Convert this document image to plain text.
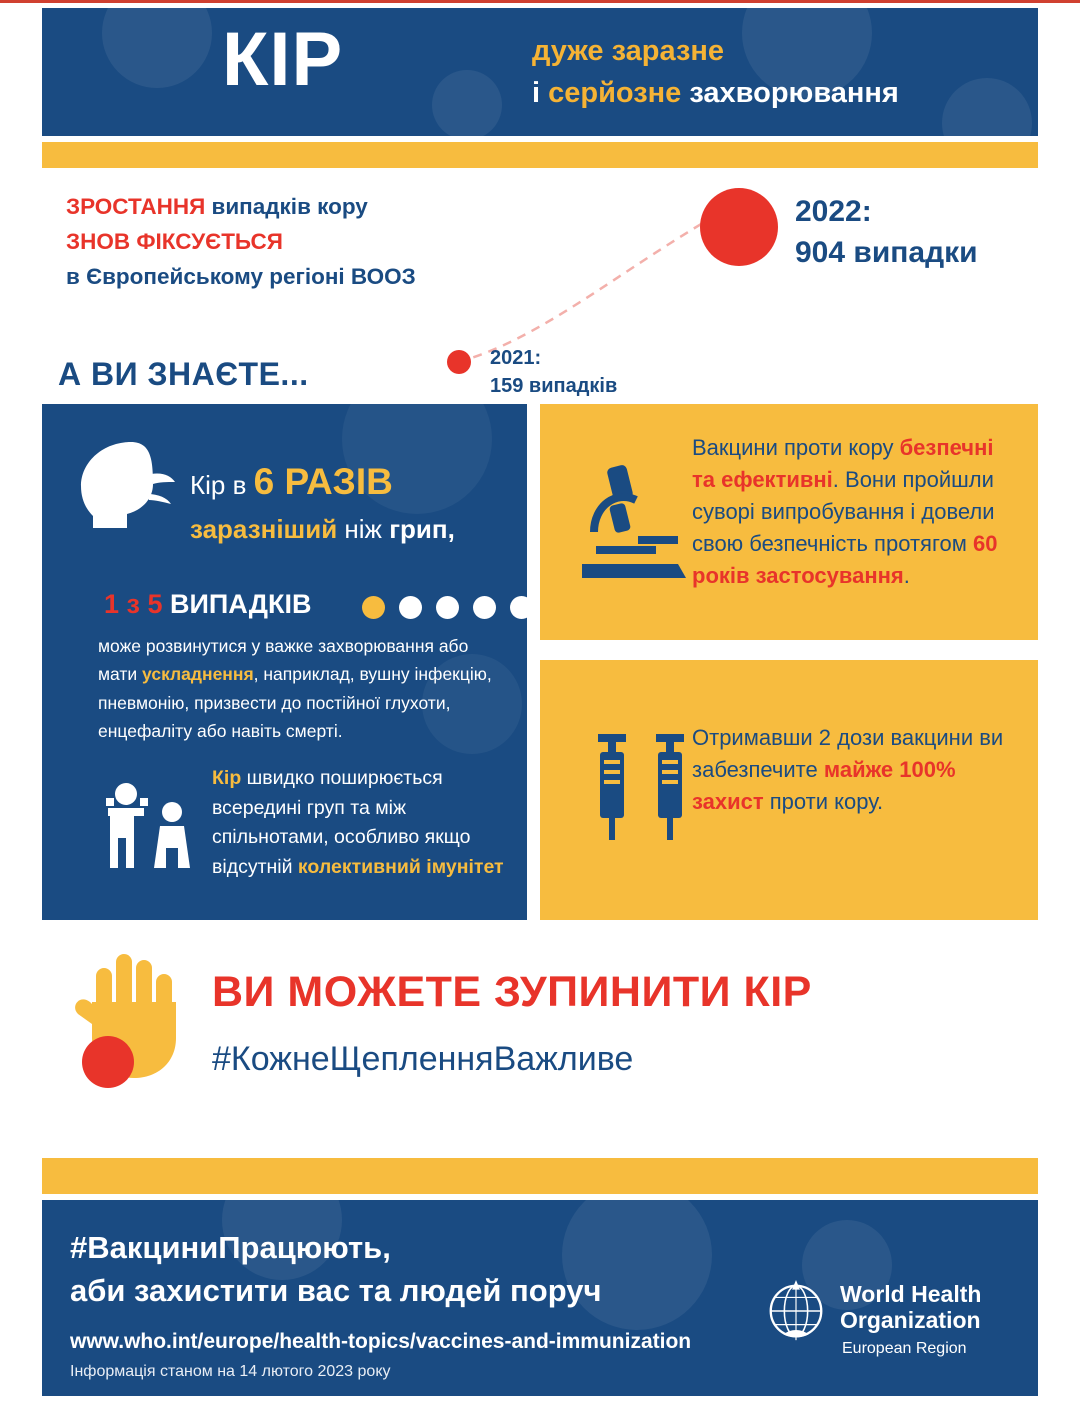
КІР	дуже заразне
і серйозне захворювання
ЗРОСТАННЯ випадків кору
ЗНОВ ФІКСУЄТЬСЯ
в Європейському регіоні ВООЗ
2022:
904 випадки
2021:
159 випадків
А ВИ ЗНАЄТЕ...
Кір в 6 РАЗІВ
заразніший ніж грип,
1 з 5 ВИПАДКІВ
може розвинутися у важке захворювання або мати ускладнення, наприклад, вушну інфекцію, пневмонію, призвести до постійної глухоти, енцефаліту або навіть смерті.
Кір швидко поширюється всередині груп та між спільнотами, особливо якщо відсутній колективний імунітет
Вакцини проти кору безпечні та ефективні. Вони пройшли суворі випробування і довели свою безпечність протягом 60 років застосування.
Отримавши 2 дози вакцини ви забезпечите майже 100% захист проти кору.
ВИ МОЖЕТЕ ЗУПИНИТИ КІР
#КожнеЩепленняВажливе
#ВакциниПрацюють,
аби захистити вас та людей поруч
www.who.int/europe/health-topics/vaccines-and-immunization
Інформація станом на 14 лютого 2023 року
World Health
Organization
European Region
